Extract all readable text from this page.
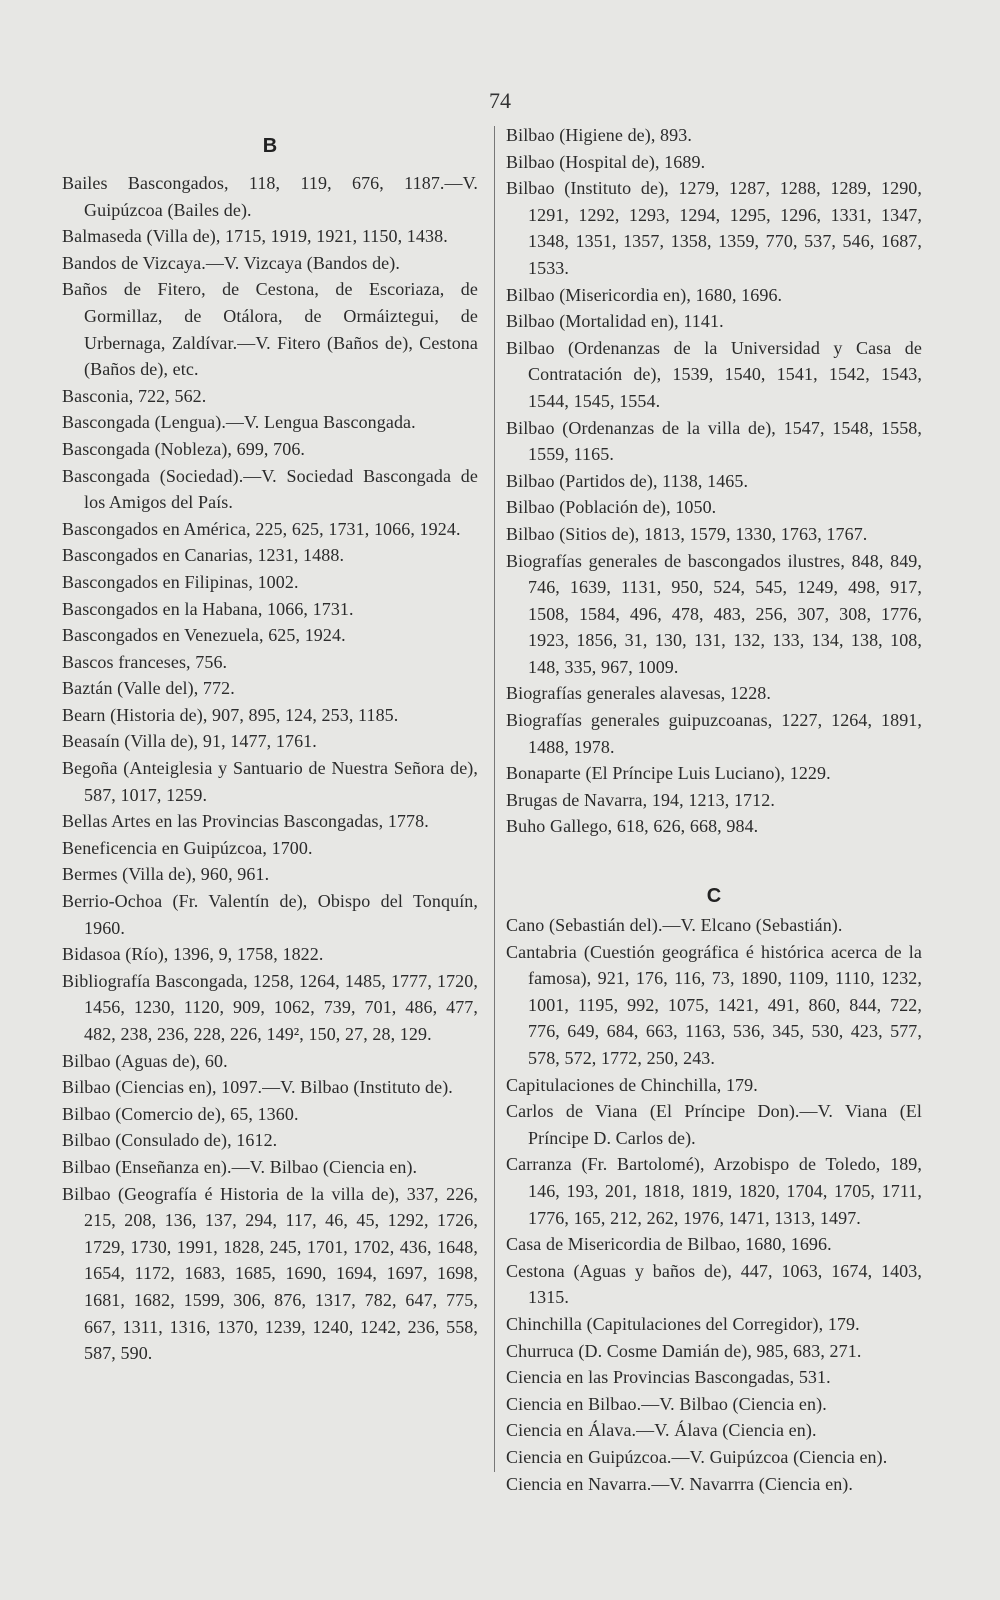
74
B
Bailes Bascongados, 118, 119, 676, 1187.—V. Guipúzcoa (Bailes de).
Balmaseda (Villa de), 1715, 1919, 1921, 1150, 1438.
Bandos de Vizcaya.—V. Vizcaya (Bandos de).
Baños de Fitero, de Cestona, de Escoriaza, de Gormillaz, de Otálora, de Ormáiztegui, de Urbernaga, Zaldívar.—V. Fitero (Baños de), Cestona (Baños de), etc.
Basconia, 722, 562.
Bascongada (Lengua).—V. Lengua Bascongada.
Bascongada (Nobleza), 699, 706.
Bascongada (Sociedad).—V. Sociedad Bascongada de los Amigos del País.
Bascongados en América, 225, 625, 1731, 1066, 1924.
Bascongados en Canarias, 1231, 1488.
Bascongados en Filipinas, 1002.
Bascongados en la Habana, 1066, 1731.
Bascongados en Venezuela, 625, 1924.
Bascos franceses, 756.
Baztán (Valle del), 772.
Bearn (Historia de), 907, 895, 124, 253, 1185.
Beasaín (Villa de), 91, 1477, 1761.
Begoña (Anteiglesia y Santuario de Nuestra Señora de), 587, 1017, 1259.
Bellas Artes en las Provincias Bascongadas, 1778.
Beneficencia en Guipúzcoa, 1700.
Bermes (Villa de), 960, 961.
Berrio-Ochoa (Fr. Valentín de), Obispo del Tonquín, 1960.
Bidasoa (Río), 1396, 9, 1758, 1822.
Bibliografía Bascongada, 1258, 1264, 1485, 1777, 1720, 1456, 1230, 1120, 909, 1062, 739, 701, 486, 477, 482, 238, 236, 228, 226, 149², 150, 27, 28, 129.
Bilbao (Aguas de), 60.
Bilbao (Ciencias en), 1097.—V. Bilbao (Instituto de).
Bilbao (Comercio de), 65, 1360.
Bilbao (Consulado de), 1612.
Bilbao (Enseñanza en).—V. Bilbao (Ciencia en).
Bilbao (Geografía é Historia de la villa de), 337, 226, 215, 208, 136, 137, 294, 117, 46, 45, 1292, 1726, 1729, 1730, 1991, 1828, 245, 1701, 1702, 436, 1648, 1654, 1172, 1683, 1685, 1690, 1694, 1697, 1698, 1681, 1682, 1599, 306, 876, 1317, 782, 647, 775, 667, 1311, 1316, 1370, 1239, 1240, 1242, 236, 558, 587, 590.
Bilbao (Higiene de), 893.
Bilbao (Hospital de), 1689.
Bilbao (Instituto de), 1279, 1287, 1288, 1289, 1290, 1291, 1292, 1293, 1294, 1295, 1296, 1331, 1347, 1348, 1351, 1357, 1358, 1359, 770, 537, 546, 1687, 1533.
Bilbao (Misericordia en), 1680, 1696.
Bilbao (Mortalidad en), 1141.
Bilbao (Ordenanzas de la Universidad y Casa de Contratación de), 1539, 1540, 1541, 1542, 1543, 1544, 1545, 1554.
Bilbao (Ordenanzas de la villa de), 1547, 1548, 1558, 1559, 1165.
Bilbao (Partidos de), 1138, 1465.
Bilbao (Población de), 1050.
Bilbao (Sitios de), 1813, 1579, 1330, 1763, 1767.
Biografías generales de bascongados ilustres, 848, 849, 746, 1639, 1131, 950, 524, 545, 1249, 498, 917, 1508, 1584, 496, 478, 483, 256, 307, 308, 1776, 1923, 1856, 31, 130, 131, 132, 133, 134, 138, 108, 148, 335, 967, 1009.
Biografías generales alavesas, 1228.
Biografías generales guipuzcoanas, 1227, 1264, 1891, 1488, 1978.
Bonaparte (El Príncipe Luis Luciano), 1229.
Brugas de Navarra, 194, 1213, 1712.
Buho Gallego, 618, 626, 668, 984.
C
Cano (Sebastián del).—V. Elcano (Sebastián).
Cantabria (Cuestión geográfica é histórica acerca de la famosa), 921, 176, 116, 73, 1890, 1109, 1110, 1232, 1001, 1195, 992, 1075, 1421, 491, 860, 844, 722, 776, 649, 684, 663, 1163, 536, 345, 530, 423, 577, 578, 572, 1772, 250, 243.
Capitulaciones de Chinchilla, 179.
Carlos de Viana (El Príncipe Don).—V. Viana (El Príncipe D. Carlos de).
Carranza (Fr. Bartolomé), Arzobispo de Toledo, 189, 146, 193, 201, 1818, 1819, 1820, 1704, 1705, 1711, 1776, 165, 212, 262, 1976, 1471, 1313, 1497.
Casa de Misericordia de Bilbao, 1680, 1696.
Cestona (Aguas y baños de), 447, 1063, 1674, 1403, 1315.
Chinchilla (Capitulaciones del Corregidor), 179.
Churruca (D. Cosme Damián de), 985, 683, 271.
Ciencia en las Provincias Bascongadas, 531.
Ciencia en Bilbao.—V. Bilbao (Ciencia en).
Ciencia en Álava.—V. Álava (Ciencia en).
Ciencia en Guipúzcoa.—V. Guipúzcoa (Ciencia en).
Ciencia en Navarra.—V. Navarrra (Ciencia en).
